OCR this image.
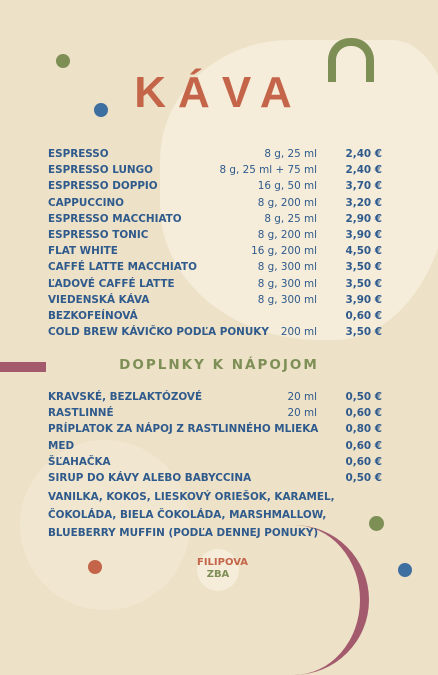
KÁVA
ESPRESSO	8 g, 25 ml	2,40 €
ESPRESSO LUNGO	8 g, 25 ml + 75 ml	2,40 €
ESPRESSO DOPPIO	16 g, 50 ml	3,70 €
CAPPUCCINO	8 g, 200 ml	3,20 €
ESPRESSO MACCHIATO	8 g, 25 ml	2,90 €
ESPRESSO TONIC	8 g, 200 ml	3,90 €
FLAT WHITE	16 g, 200 ml	4,50 €
CAFFÉ LATTE MACCHIATO	8 g, 300 ml	3,50 €
ĽADOVÉ CAFFÉ LATTE	8 g, 300 ml	3,50 €
VIEDENSKÁ KÁVA	8 g, 300 ml	3,90 €
BEZKOFEÍNOVÁ	0,60 €
COLD BREW KÁVIČKO PODĽA PONUKY 200 ml	3,50 €
DOPLNKY K NÁPOJOM
KRAVSKÉ, BEZLAKTÓZOVÉ	20 ml	0,50 €
RASTLINNÉ	20 ml	0,60 €
PRÍPLATOK ZA NÁPOJ Z RASTLINNÉHO MLIEKA	0,80 €
MED	0,60 €
ŠĽAHAČKA	0,60 €
SIRUP DO KÁVY ALEBO BABYCCINA	0,50 €

VANILKA, KOKOS, LIESKOVÝ ORIEŠOK, KARAMEL, ČOKOLÁDA, BIELA ČOKOLÁDA, MARSHMALLOW, BLUEBERRY MUFFIN (PODĽA DENNEJ PONUKY)

FILIPOVA
ZBA
